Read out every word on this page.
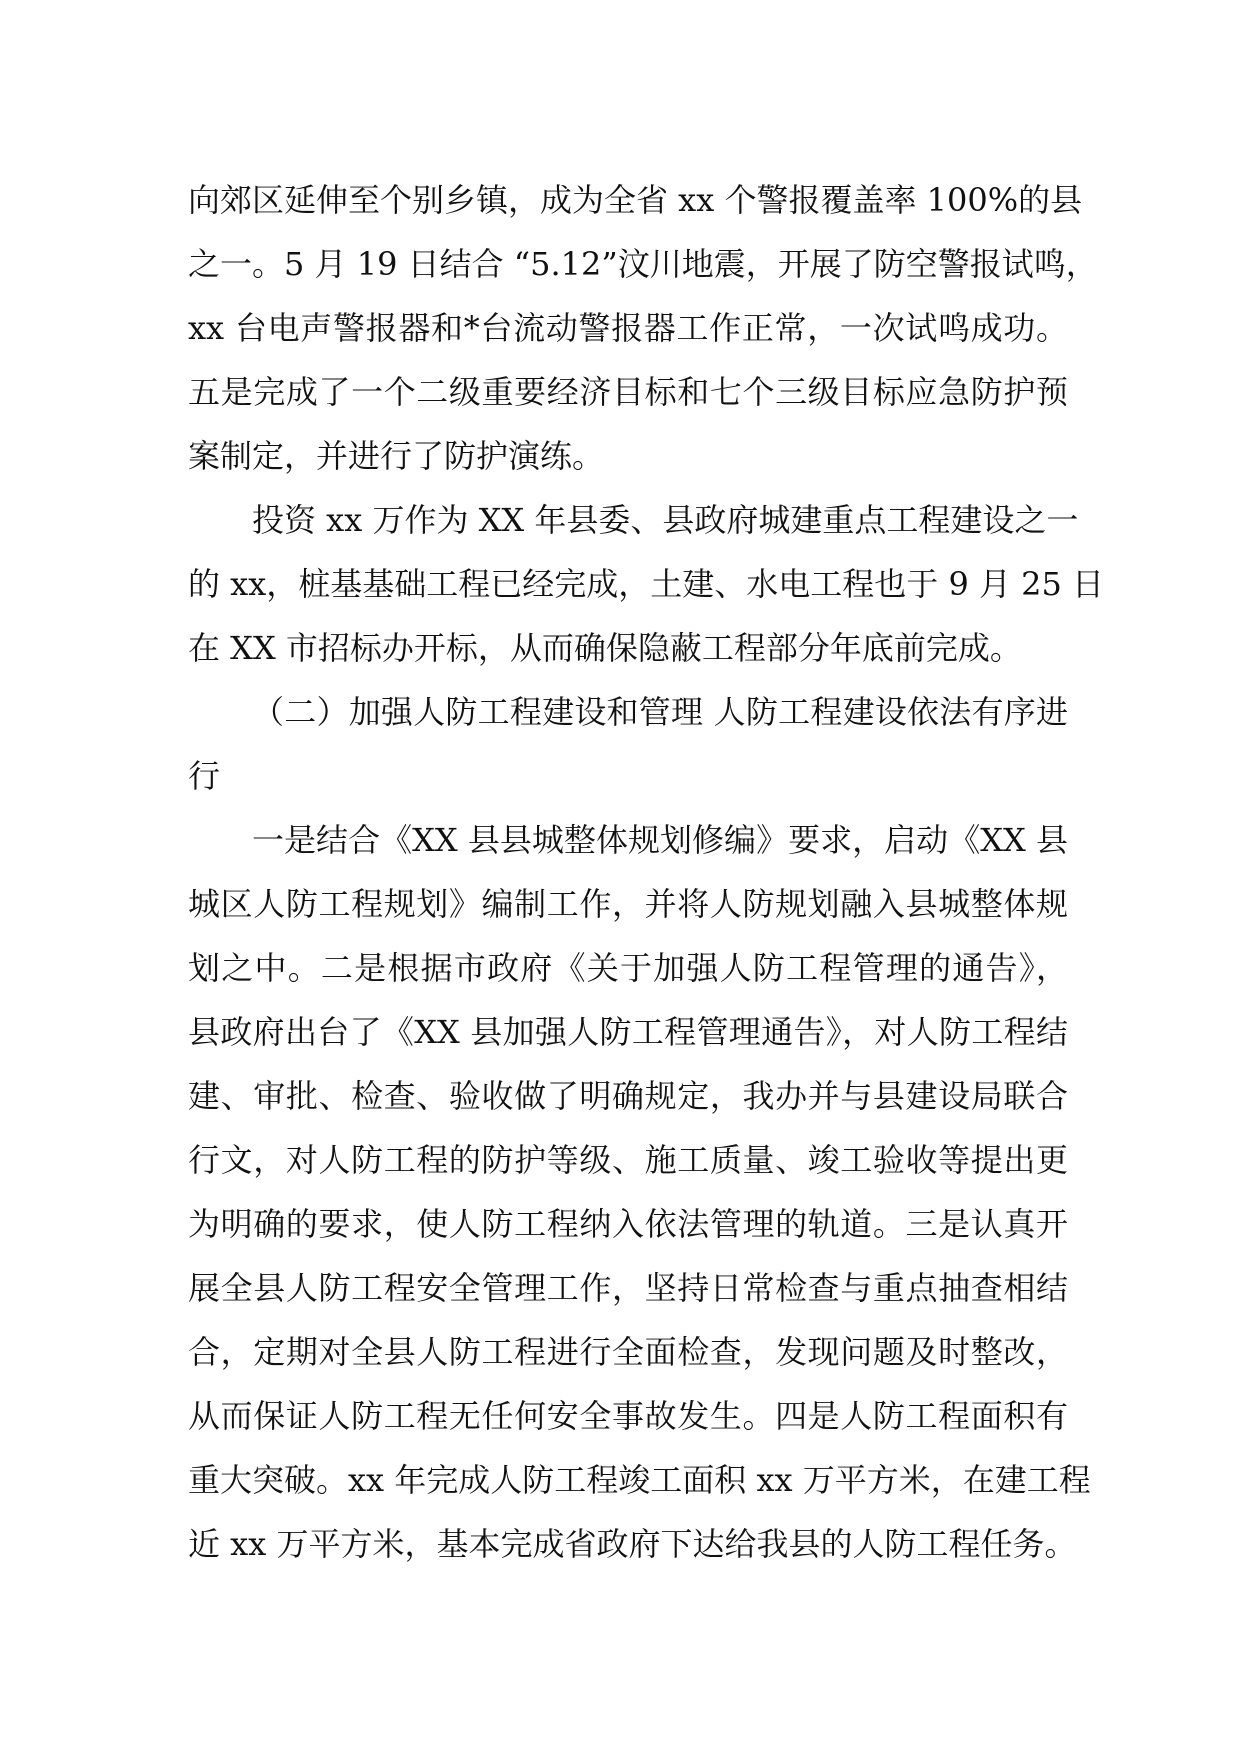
向郊区延伸至个别乡镇，成为全省 xx 个警报覆盖率 100%的县
之一。5 月 19 日结合 “5.12”汶川地震，开展了防空警报试鸣，
xx 台电声警报器和*台流动警报器工作正常，一次试鸣成功。
五是完成了一个二级重要经济目标和七个三级目标应急防护预
案制定，并进行了防护演练。
投资 xx 万作为 XX 年县委、县政府城建重点工程建设之一
的 xx，桩基基础工程已经完成，土建、水电工程也于 9 月 25 日
在 XX 市招标办开标，从而确保隐蔽工程部分年底前完成。
（二）加强人防工程建设和管理 人防工程建设依法有序进
行
一是结合《XX 县县城整体规划修编》要求，启动《XX 县
城区人防工程规划》编制工作，并将人防规划融入县城整体规
划之中。二是根据市政府《关于加强人防工程管理的通告》，
县政府出台了《XX 县加强人防工程管理通告》，对人防工程结
建、审批、检查、验收做了明确规定，我办并与县建设局联合
行文，对人防工程的防护等级、施工质量、竣工验收等提出更
为明确的要求，使人防工程纳入依法管理的轨道。三是认真开
展全县人防工程安全管理工作，坚持日常检查与重点抽查相结
合，定期对全县人防工程进行全面检查，发现问题及时整改，
从而保证人防工程无任何安全事故发生。四是人防工程面积有
重大突破。xx 年完成人防工程竣工面积 xx 万平方米，在建工程
近 xx 万平方米，基本完成省政府下达给我县的人防工程任务。
